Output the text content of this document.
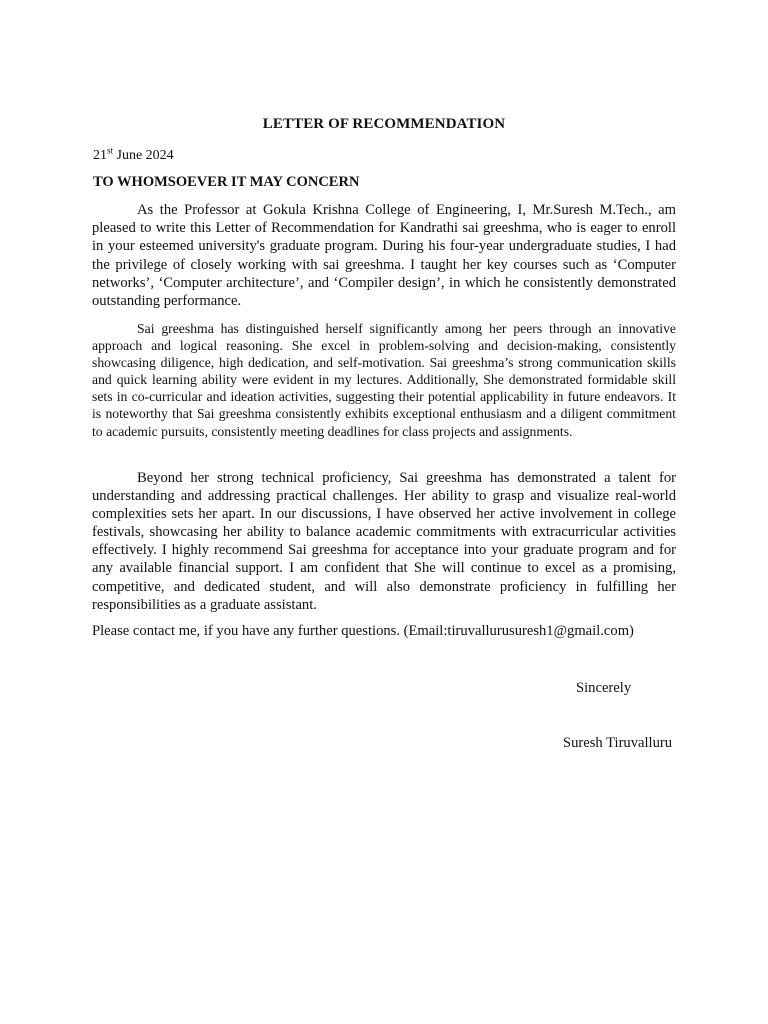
LETTER OF RECOMMENDATION
21st June 2024
TO WHOMSOEVER IT MAY CONCERN

As the Professor at Gokula Krishna College of Engineering, I, Mr.Suresh M.Tech., am pleased to write this Letter of Recommendation for Kandrathi sai greeshma, who is eager to enroll in your esteemed university's graduate program. During his four-year undergraduate studies, I had the privilege of closely working with sai greeshma. I taught her key courses such as ‘Computer networks’, ‘Computer architecture’, and ‘Compiler design’, in which he consistently demonstrated outstanding performance.

Sai greeshma has distinguished herself significantly among her peers through an innovative approach and logical reasoning. She excel in problem-solving and decision-making, consistently showcasing diligence, high dedication, and self-motivation. Sai greeshma’s strong communication skills and quick learning ability were evident in my lectures. Additionally, She demonstrated formidable skill sets in co-curricular and ideation activities, suggesting their potential applicability in future endeavors. It is noteworthy that Sai greeshma consistently exhibits exceptional enthusiasm and a diligent commitment to academic pursuits, consistently meeting deadlines for class projects and assignments.

Beyond her strong technical proficiency, Sai greeshma has demonstrated a talent for understanding and addressing practical challenges. Her ability to grasp and visualize real-world complexities sets her apart. In our discussions, I have observed her active involvement in college festivals, showcasing her ability to balance academic commitments with extracurricular activities effectively. I highly recommend Sai greeshma for acceptance into your graduate program and for any available financial support. I am confident that She will continue to excel as a promising, competitive, and dedicated student, and will also demonstrate proficiency in fulfilling her responsibilities as a graduate assistant.

Please contact me, if you have any further questions. (Email:tiruvallurusuresh1@gmail.com)
Sincerely
Suresh Tiruvalluru
